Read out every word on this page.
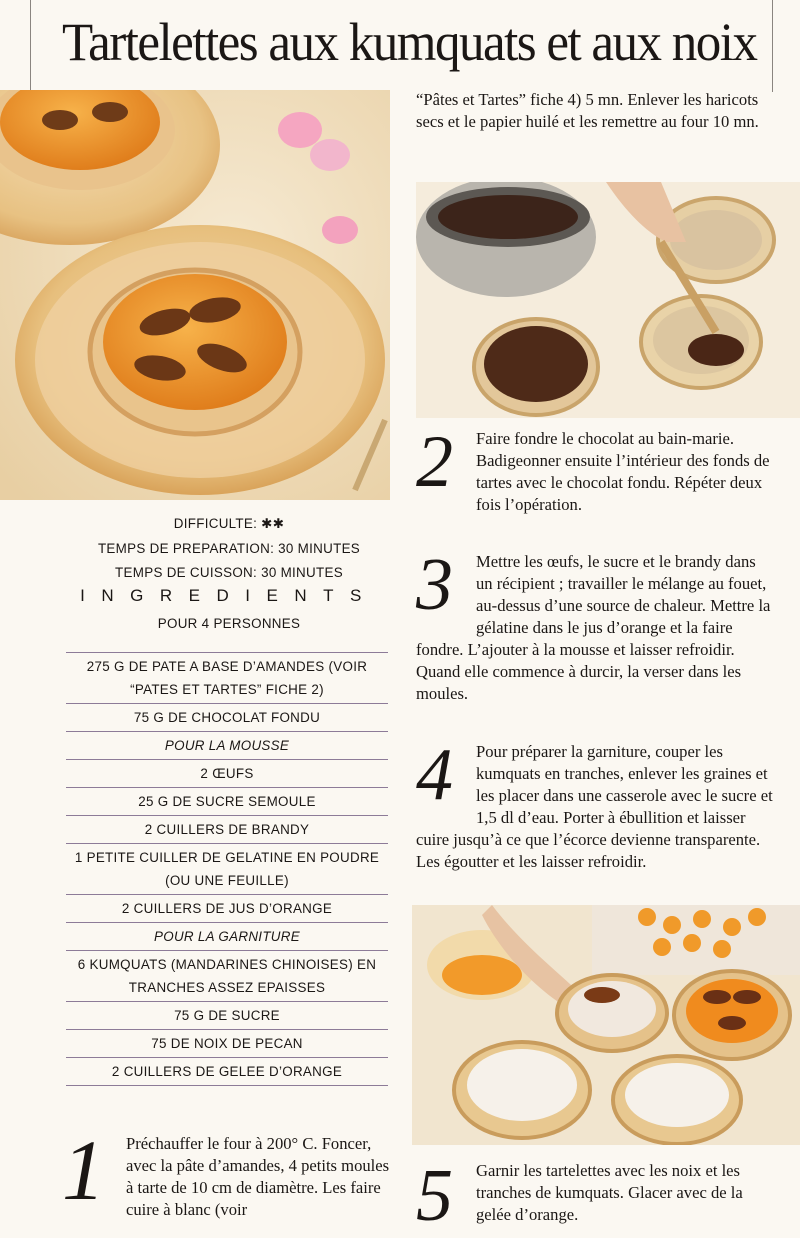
Tartelettes aux kumquats et aux noix
“Pâtes et Tartes” fiche 4) 5 mn. Enlever les haricots secs et le papier huilé et les remettre au four 10 mn.
DIFFICULTE: ✱✱
TEMPS DE PREPARATION: 30 MINUTES
TEMPS DE CUISSON: 30 MINUTES
INGREDIENTS
POUR 4 PERSONNES
275 G DE PATE A BASE D’AMANDES (VOIR “PATES ET TARTES” FICHE 2)
75 G DE CHOCOLAT FONDU
POUR LA MOUSSE
2 ŒUFS
25 G DE SUCRE SEMOULE
2 CUILLERS DE BRANDY
1 PETITE CUILLER DE GELATINE EN POUDRE (OU UNE FEUILLE)
2 CUILLERS DE JUS D’ORANGE
POUR LA GARNITURE
6 KUMQUATS (MANDARINES CHINOISES) EN TRANCHES ASSEZ EPAISSES
75 G DE SUCRE
75 DE NOIX DE PECAN
2 CUILLERS DE GELEE D’ORANGE
2	Faire fondre le chocolat au bain-marie. Badigeonner ensuite l’intérieur des fonds de tartes avec le chocolat fondu. Répéter deux fois l’opération.
3	Mettre les œufs, le sucre et le brandy dans un récipient ; travailler le mélange au fouet, au-dessus d’une source de chaleur. Mettre la gélatine dans le jus d’orange et la faire fondre. L’ajouter à la mousse et laisser refroidir. Quand elle commence à durcir, la verser dans les moules.
4	Pour préparer la garniture, couper les kumquats en tranches, enlever les graines et les placer dans une casserole avec le sucre et 1,5 dl d’eau. Porter à ébullition et laisser cuire jusqu’à ce que l’écorce devienne transparente. Les égoutter et les laisser refroidir.
1	Préchauffer le four à 200° C. Foncer, avec la pâte d’amandes, 4 petits moules à tarte de 10 cm de diamètre. Les faire cuire à blanc (voir	5	Garnir les tartelettes avec les noix et les tranches de kumquats. Glacer avec de la gelée d’orange.
